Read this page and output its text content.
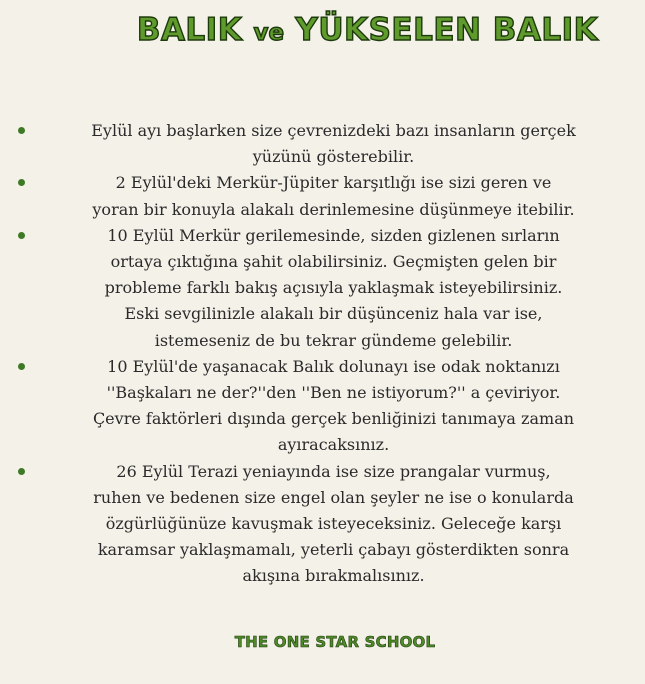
BALIK ve YÜKSELEN BALIK
Eylül ayı başlarken size çevrenizdeki bazı insanların gerçek
yüzünü gösterebilir.
2 Eylül'deki Merkür-Jüpiter karşıtlığı ise sizi geren ve
yoran bir konuyla alakalı derinlemesine düşünmeye itebilir.
10 Eylül Merkür gerilemesinde, sizden gizlenen sırların
ortaya çıktığına şahit olabilirsiniz. Geçmişten gelen bir
probleme farklı bakış açısıyla yaklaşmak isteyebilirsiniz.
Eski sevgilinizle alakalı bir düşünceniz hala var ise,
istemeseniz de bu tekrar gündeme gelebilir.
10 Eylül'de yaşanacak Balık dolunayı ise odak noktanızı
''Başkaları ne der?''den ''Ben ne istiyorum?'' a çeviriyor.
Çevre faktörleri dışında gerçek benliğinizi tanımaya zaman
ayıracaksınız.
26 Eylül Terazi yeniayında ise size prangalar vurmuş,
ruhen ve bedenen size engel olan şeyler ne ise o konularda
özgürlüğünüze kavuşmak isteyeceksiniz. Geleceğe karşı
karamsar yaklaşmamalı, yeterli çabayı gösterdikten sonra
akışına bırakmalısınız.
THE ONE STAR SCHOOL
